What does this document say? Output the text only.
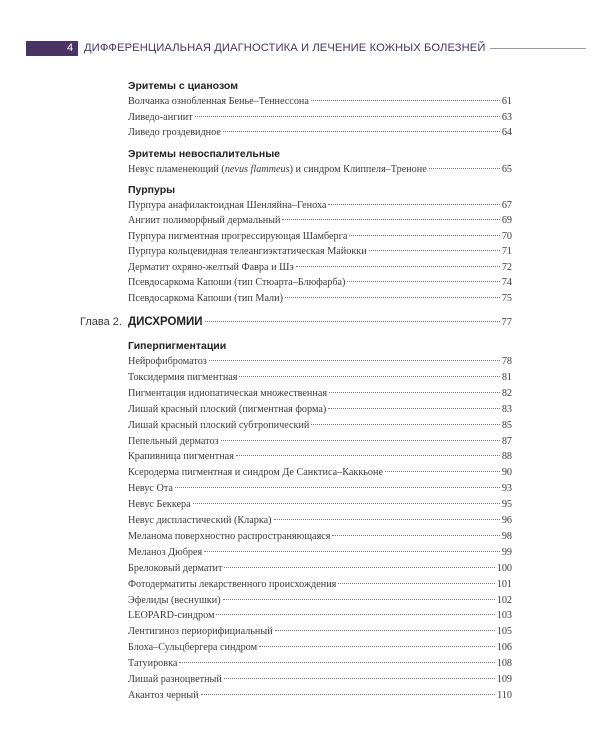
4 ДИФФЕРЕНЦИАЛЬНАЯ ДИАГНОСТИКА И ЛЕЧЕНИЕ КОЖНЫХ БОЛЕЗНЕЙ
Эритемы с цианозом
Волчанка ознобленная Бенье–Теннессона	61
Ливедо-ангиит	63
Ливедо гроздевидное	64
Эритемы невоспалительные
Невус пламенеющий (nevus flammeus) и синдром Клиппеля–Треноне	65
Пурпуры
Пурпура анафилактоидная Шенляйна–Геноха	67
Ангиит полиморфный дермальный	69
Пурпура пигментная прогрессирующая Шамберга	70
Пурпура кольцевидная телеангиэктатическая Майокки	71
Дерматит охряно-желтый Фавра и Шэ	72
Псевдосаркома Капоши (тип Стюарта–Блюфарба)	74
Псевдосаркома Капоши (тип Мали)	75
Глава 2. ДИСХРОМИИ	77
Гиперпигментации
Нейрофиброматоз	78
Токсидермия пигментная	81
Пигментация идиопатическая множественная	82
Лишай красный плоский (пигментная форма)	83
Лишай красный плоский субтропический	85
Пепельный дерматоз	87
Крапивница пигментная	88
Ксеродерма пигментная и синдром Де Санктиса–Каккьоне	90
Невус Ота	93
Невус Беккера	95
Невус диспластический (Кларка)	96
Меланома поверхностно распространяющаяся	98
Меланоз Дюбрея	99
Брелоковый дерматит	100
Фотодерматиты лекарственного происхождения	101
Эфелиды (веснушки)	102
LEOPARD-синдром	103
Лентигиноз периорифициальный	105
Блоха–Сульцбергера синдром	106
Татуировка	108
Лишай разноцветный	109
Акантоз черный	110
